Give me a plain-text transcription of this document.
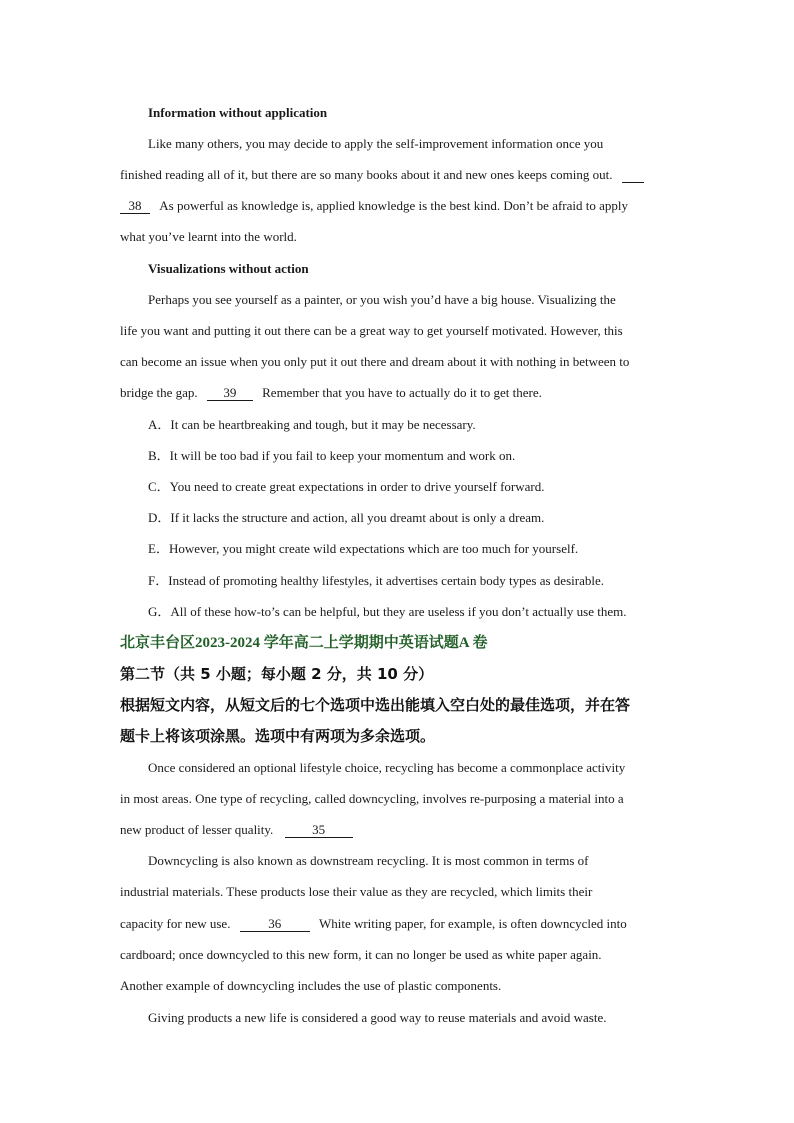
Information without application
Like many others, you may decide to apply the self-improvement information once you
finished reading all of it, but there are so many books about it and new ones keeps coming out.
38 As powerful as knowledge is, applied knowledge is the best kind. Don’t be afraid to apply
what you’ve learnt into the world.
Visualizations without action
Perhaps you see yourself as a painter, or you wish you’d have a big house. Visualizing the
life you want and putting it out there can be a great way to get yourself motivated. However, this
can become an issue when you only put it out there and dream about it with nothing in between to
bridge the gap. 39 Remember that you have to actually do it to get there.
A．It can be heartbreaking and tough, but it may be necessary.
B．It will be too bad if you fail to keep your momentum and work on.
C．You need to create great expectations in order to drive yourself forward.
D．If it lacks the structure and action, all you dreamt about is only a dream.
E．However, you might create wild expectations which are too much for yourself.
F．Instead of promoting healthy lifestyles, it advertises certain body types as desirable.
G．All of these how-to’s can be helpful, but they are useless if you don’t actually use them.
北京丰台区2023-2024 学年高二上学期期中英语试题A 卷
第二节（共 5 小题；每小题 2 分，共 10 分）
根据短文内容，从短文后的七个选项中选出能填入空白处的最佳选项，并在答
题卡上将该项涂黑。选项中有两项为多余选项。
Once considered an optional lifestyle choice, recycling has become a commonplace activity
in most areas. One type of recycling, called downcycling, involves re-purposing a material into a
new product of lesser quality.	35
Downcycling is also known as downstream recycling. It is most common in terms of
industrial materials. These products lose their value as they are recycled, which limits their
capacity for new use.	36	White writing paper, for example, is often downcycled into
cardboard; once downcycled to this new form, it can no longer be used as white paper again.
Another example of downcycling includes the use of plastic components.
Giving products a new life is considered a good way to reuse materials and avoid waste.
